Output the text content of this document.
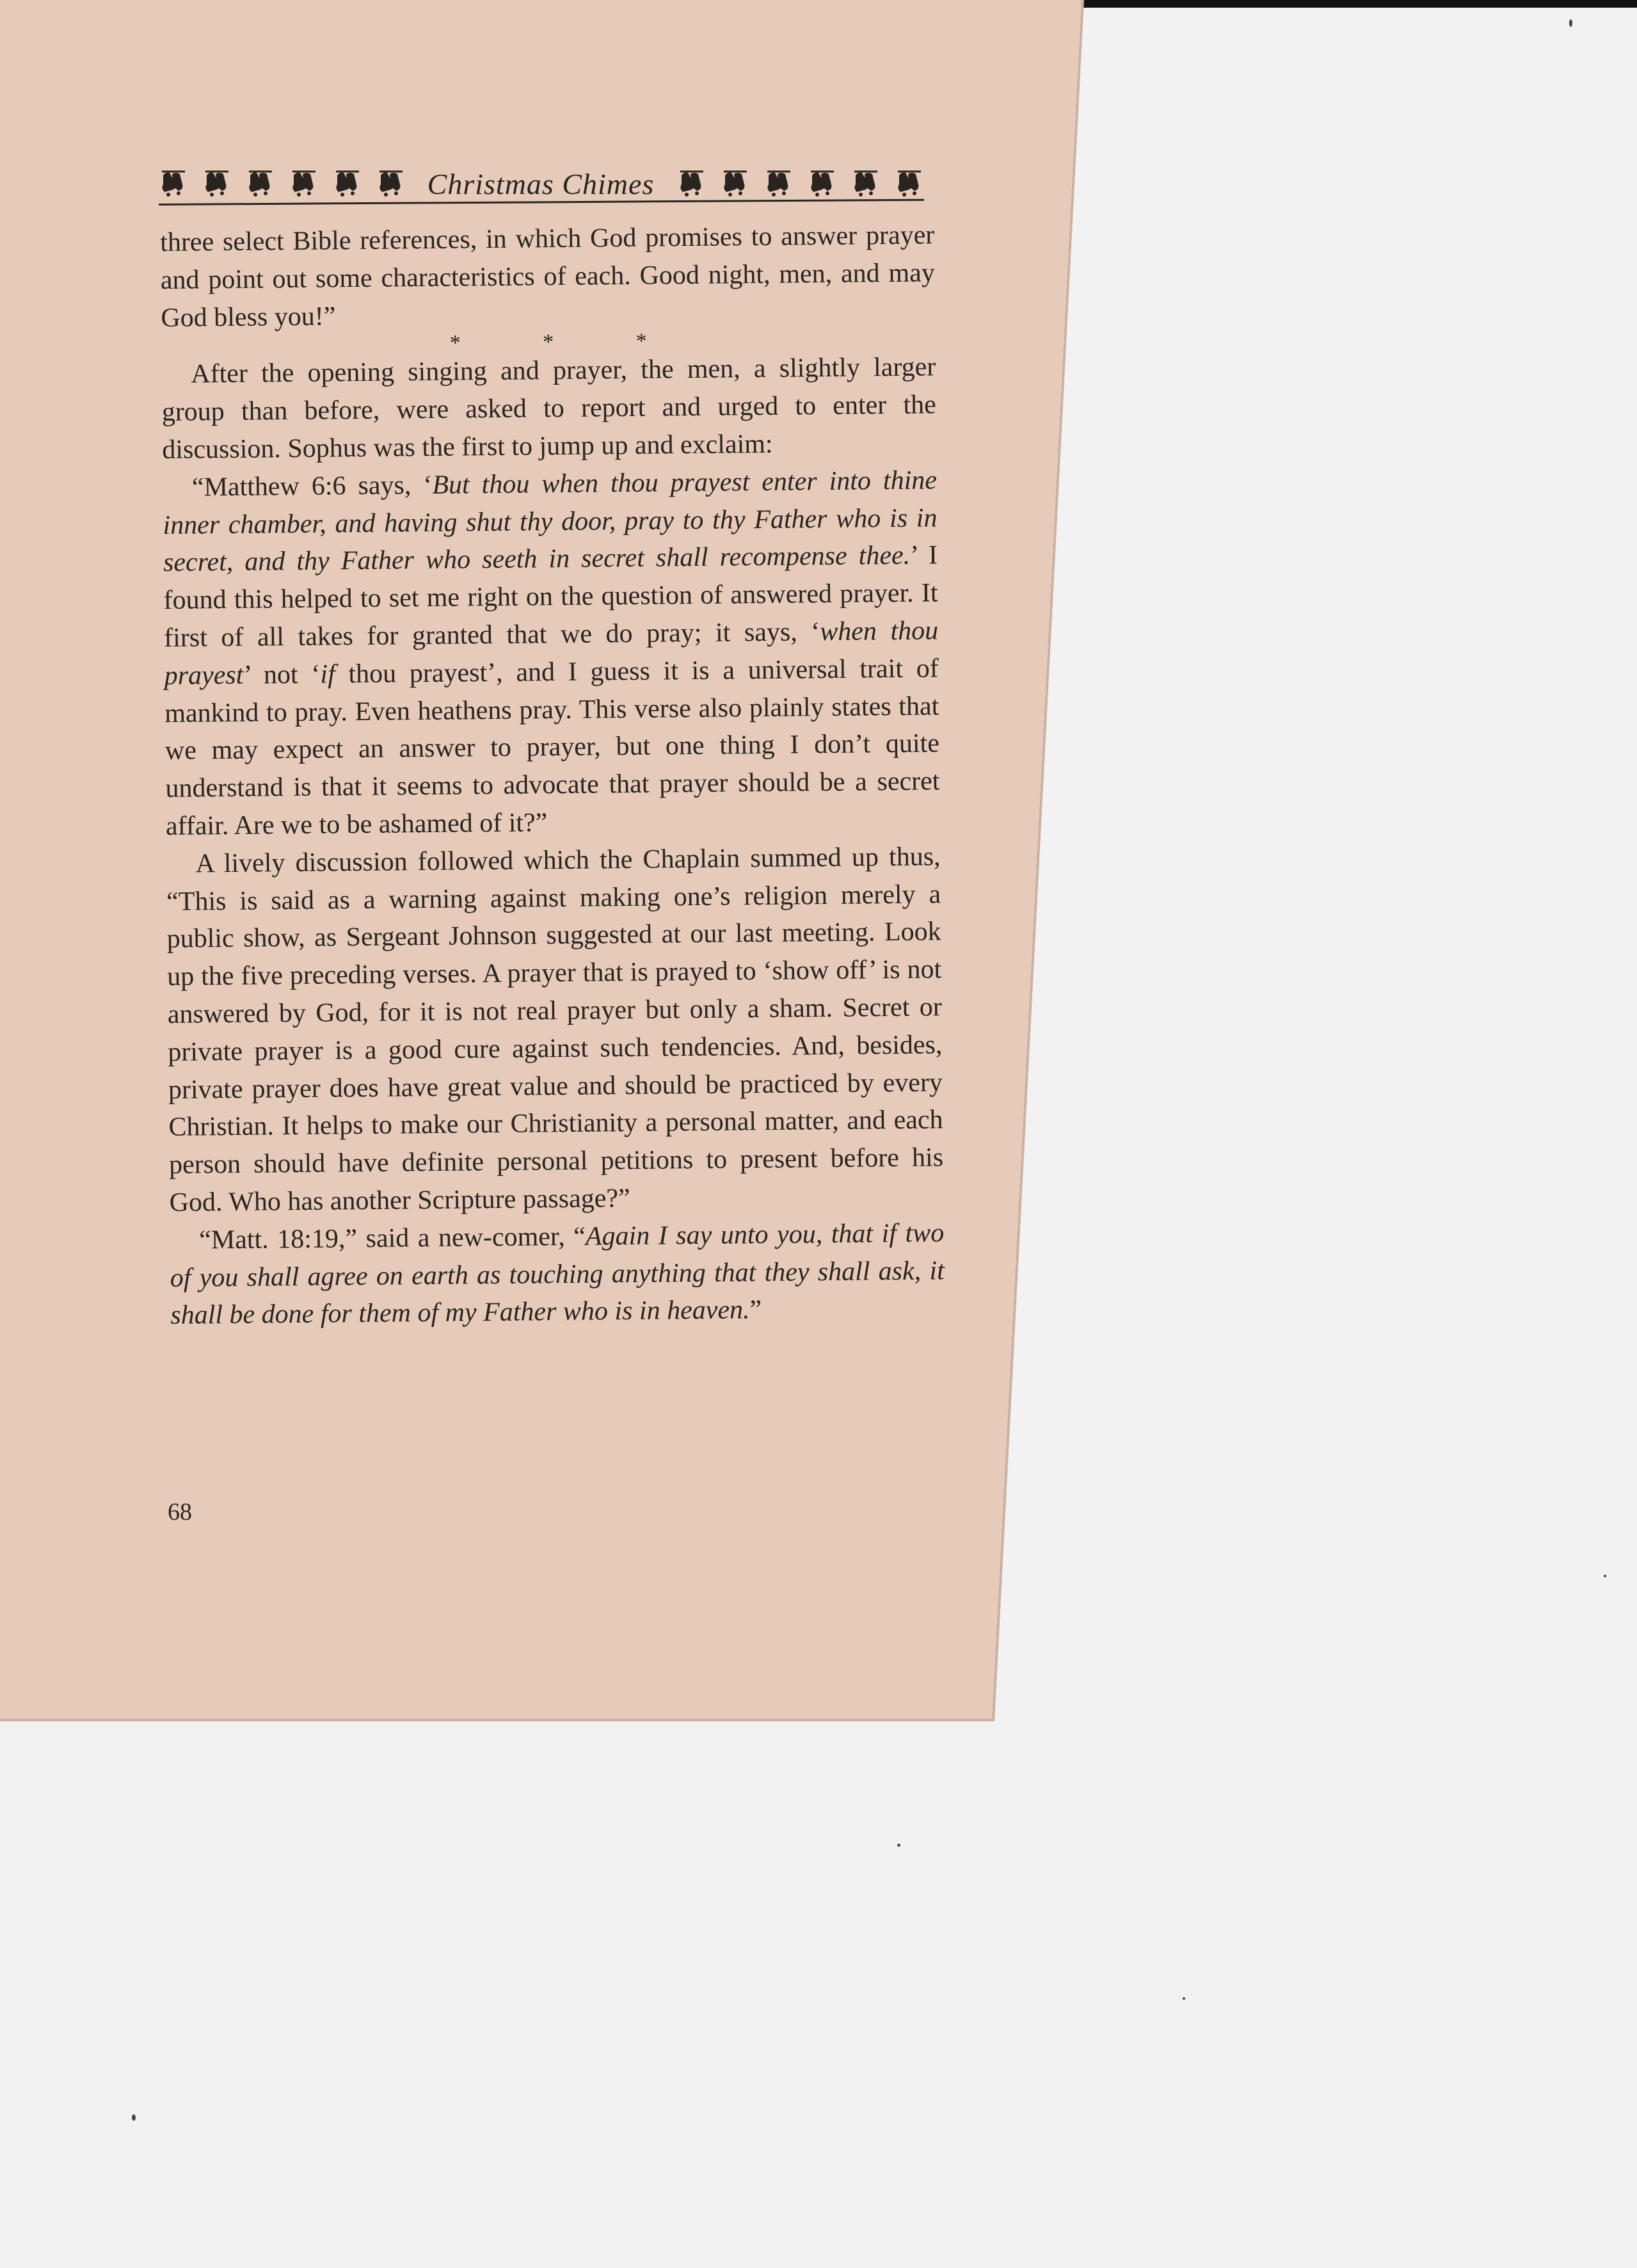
Christmas Chimes

three select Bible references, in which God promises to answer prayer and point out some characteristics of each. Good night, men, and may God bless you!”

* * *

After the opening singing and prayer, the men, a slightly larger group than before, were asked to report and urged to enter the discussion. Sophus was the first to jump up and exclaim:

“Matthew 6:6 says, ‘But thou when thou prayest enter into thine inner chamber, and having shut thy door, pray to thy Father who is in secret, and thy Father who seeth in secret shall recompense thee.’ I found this helped to set me right on the question of answered prayer. It first of all takes for granted that we do pray; it says, ‘when thou prayest’ not ‘if thou prayest’, and I guess it is a universal trait of mankind to pray. Even heathens pray. This verse also plainly states that we may expect an answer to prayer, but one thing I don’t quite understand is that it seems to advocate that prayer should be a secret affair. Are we to be ashamed of it?”

A lively discussion followed which the Chaplain summed up thus, “This is said as a warning against making one’s religion merely a public show, as Sergeant Johnson suggested at our last meeting. Look up the five preceding verses. A prayer that is prayed to ‘show off’ is not answered by God, for it is not real prayer but only a sham. Secret or private prayer is a good cure against such tendencies. And, besides, private prayer does have great value and should be practiced by every Christian. It helps to make our Christianity a personal matter, and each person should have definite personal petitions to present before his God. Who has another Scripture passage?”

“Matt. 18:19,” said a new-comer, “Again I say unto you, that if two of you shall agree on earth as touching anything that they shall ask, it shall be done for them of my Father who is in heaven.”

68
